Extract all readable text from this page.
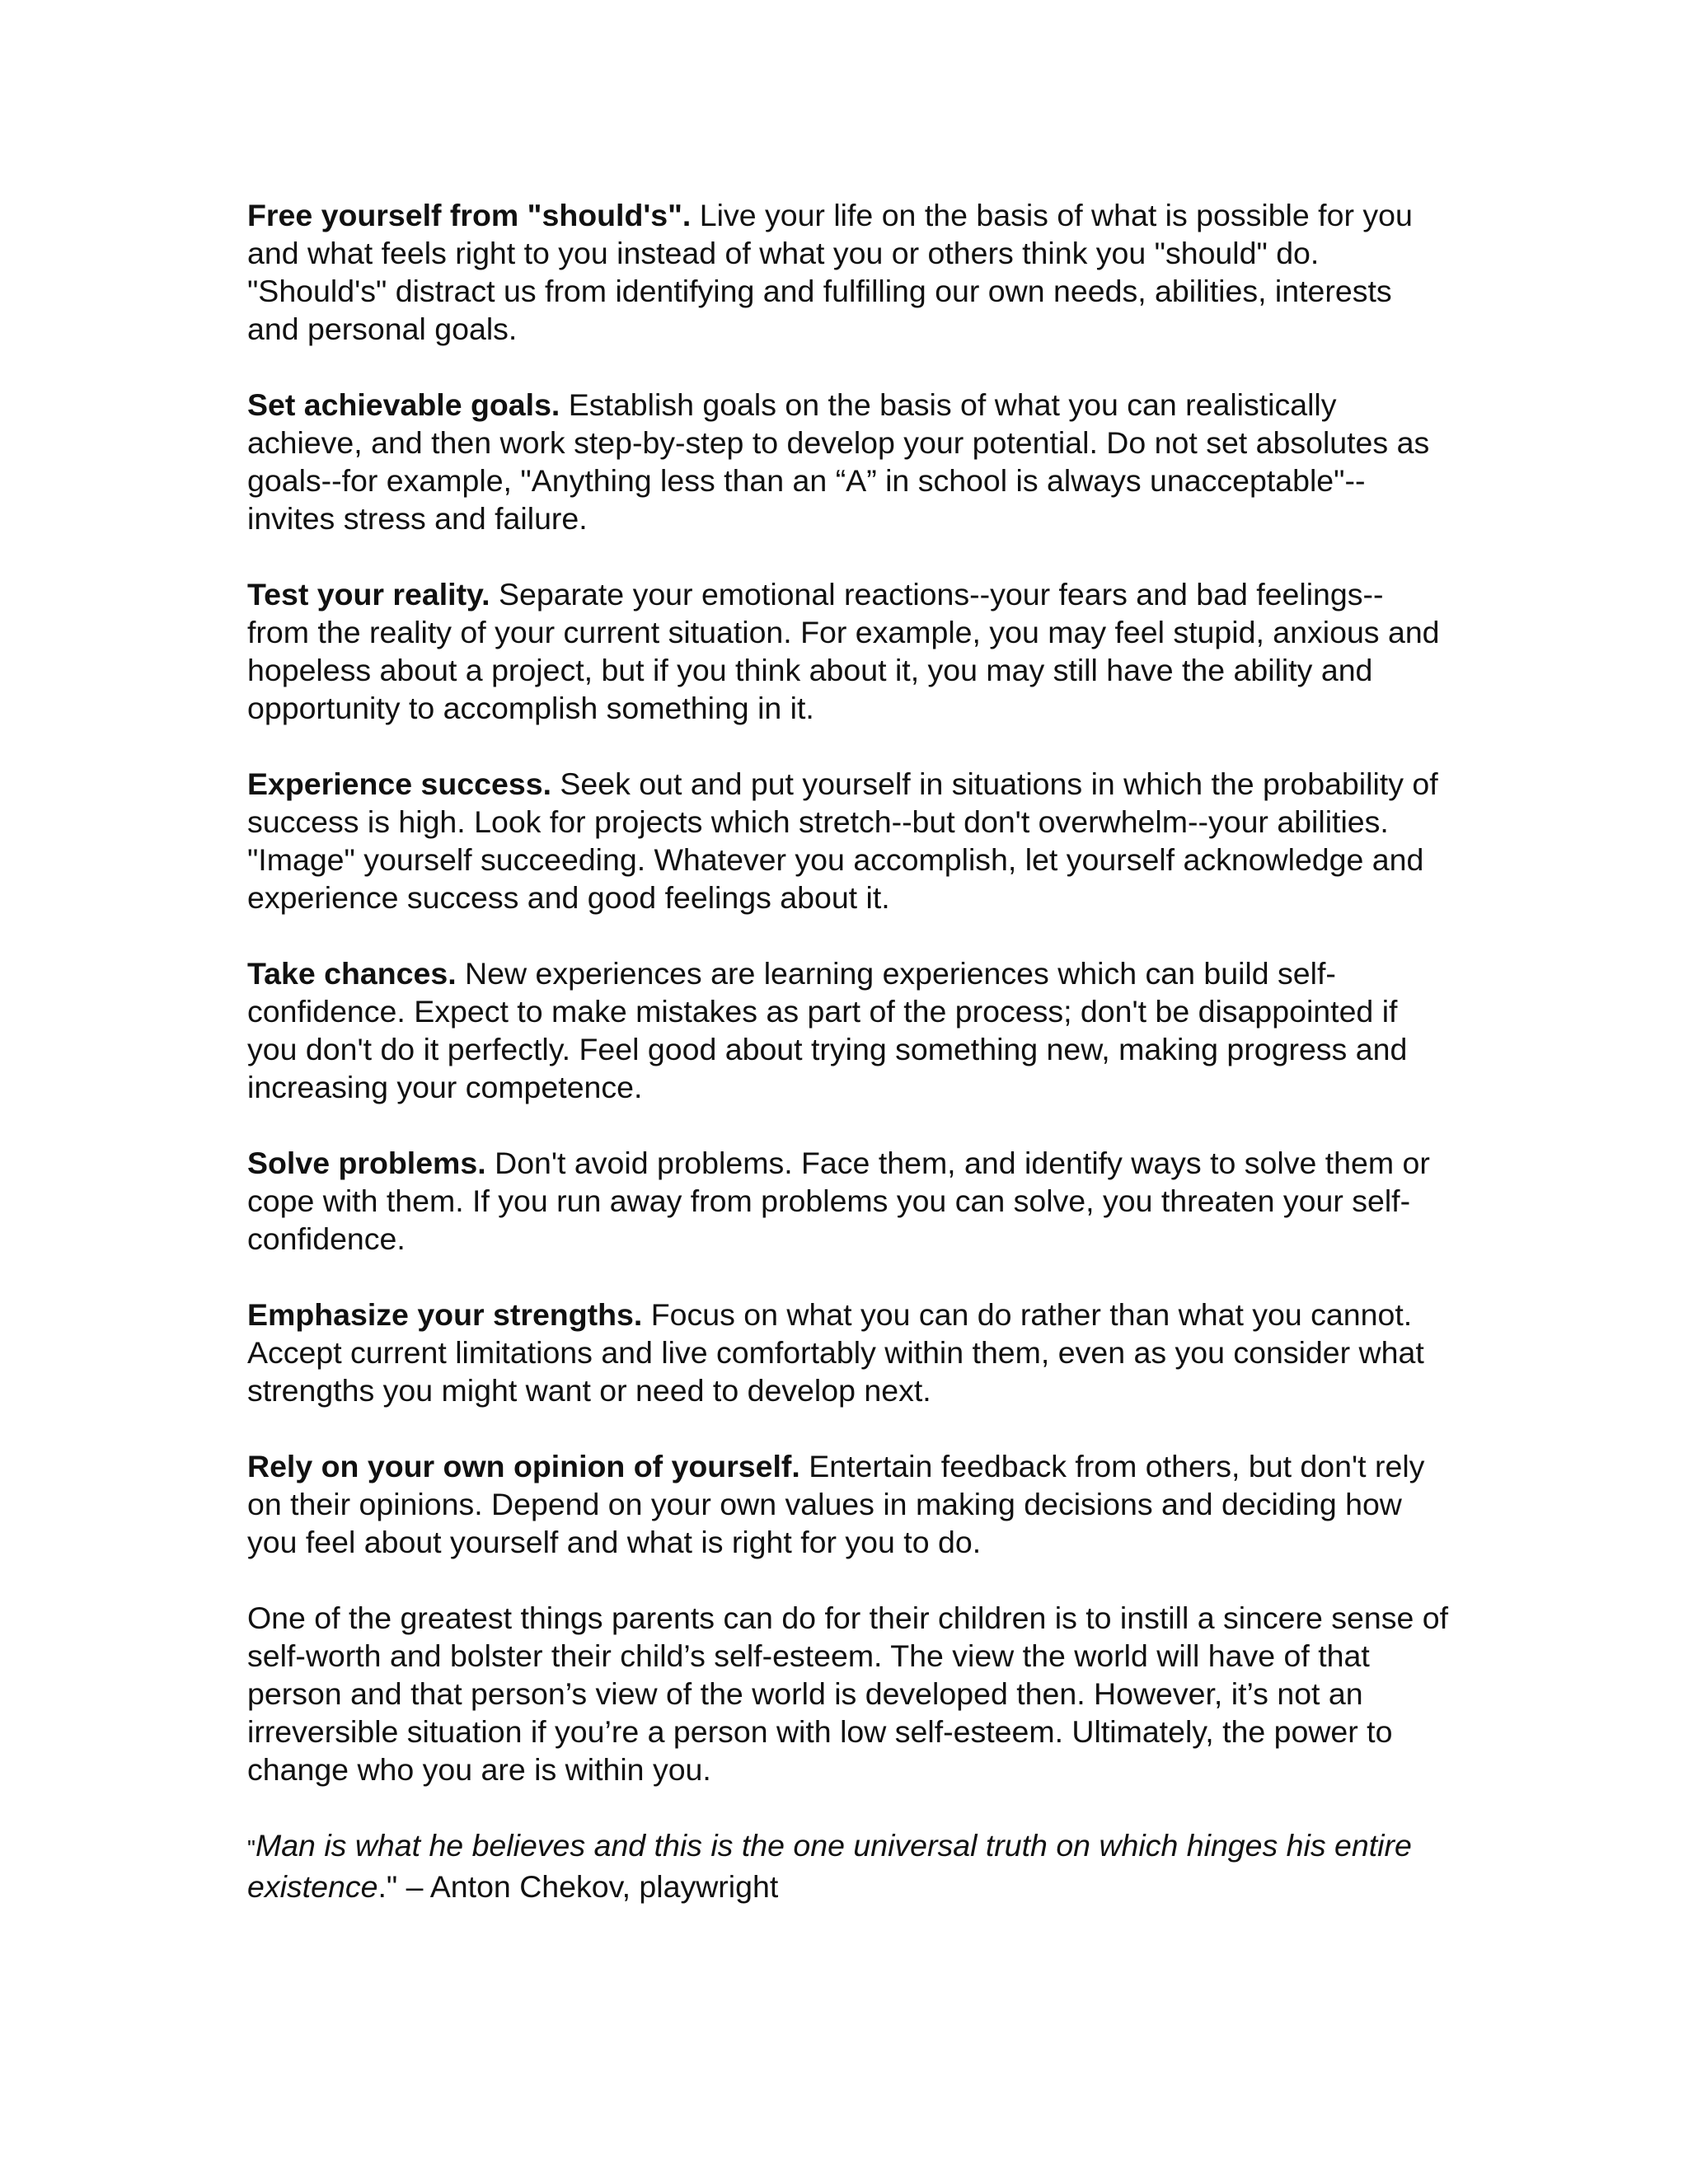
Free yourself from "should's". Live your life on the basis of what is possible for you and what feels right to you instead of what you or others think you "should" do. "Should's" distract us from identifying and fulfilling our own needs, abilities, interests and personal goals.

Set achievable goals. Establish goals on the basis of what you can realistically achieve, and then work step-by-step to develop your potential. Do not set absolutes as goals--for example, "Anything less than an “A” in school is always unacceptable"--invites stress and failure.

Test your reality. Separate your emotional reactions--your fears and bad feelings-- from the reality of your current situation. For example, you may feel stupid, anxious and hopeless about a project, but if you think about it, you may still have the ability and opportunity to accomplish something in it.

Experience success. Seek out and put yourself in situations in which the probability of success is high. Look for projects which stretch--but don't overwhelm--your abilities. "Image" yourself succeeding. Whatever you accomplish, let yourself acknowledge and experience success and good feelings about it.

Take chances. New experiences are learning experiences which can build self-confidence. Expect to make mistakes as part of the process; don't be disappointed if you don't do it perfectly. Feel good about trying something new, making progress and increasing your competence.

Solve problems. Don't avoid problems. Face them, and identify ways to solve them or cope with them. If you run away from problems you can solve, you threaten your self-confidence.

Emphasize your strengths. Focus on what you can do rather than what you cannot. Accept current limitations and live comfortably within them, even as you consider what strengths you might want or need to develop next.

Rely on your own opinion of yourself. Entertain feedback from others, but don't rely on their opinions. Depend on your own values in making decisions and deciding how you feel about yourself and what is right for you to do.

One of the greatest things parents can do for their children is to instill a sincere sense of self-worth and bolster their child’s self-esteem. The view the world will have of that person and that person’s view of the world is developed then. However, it’s not an irreversible situation if you’re a person with low self-esteem. Ultimately, the power to change who you are is within you.

"Man is what he believes and this is the one universal truth on which hinges his entire existence." – Anton Chekov, playwright
